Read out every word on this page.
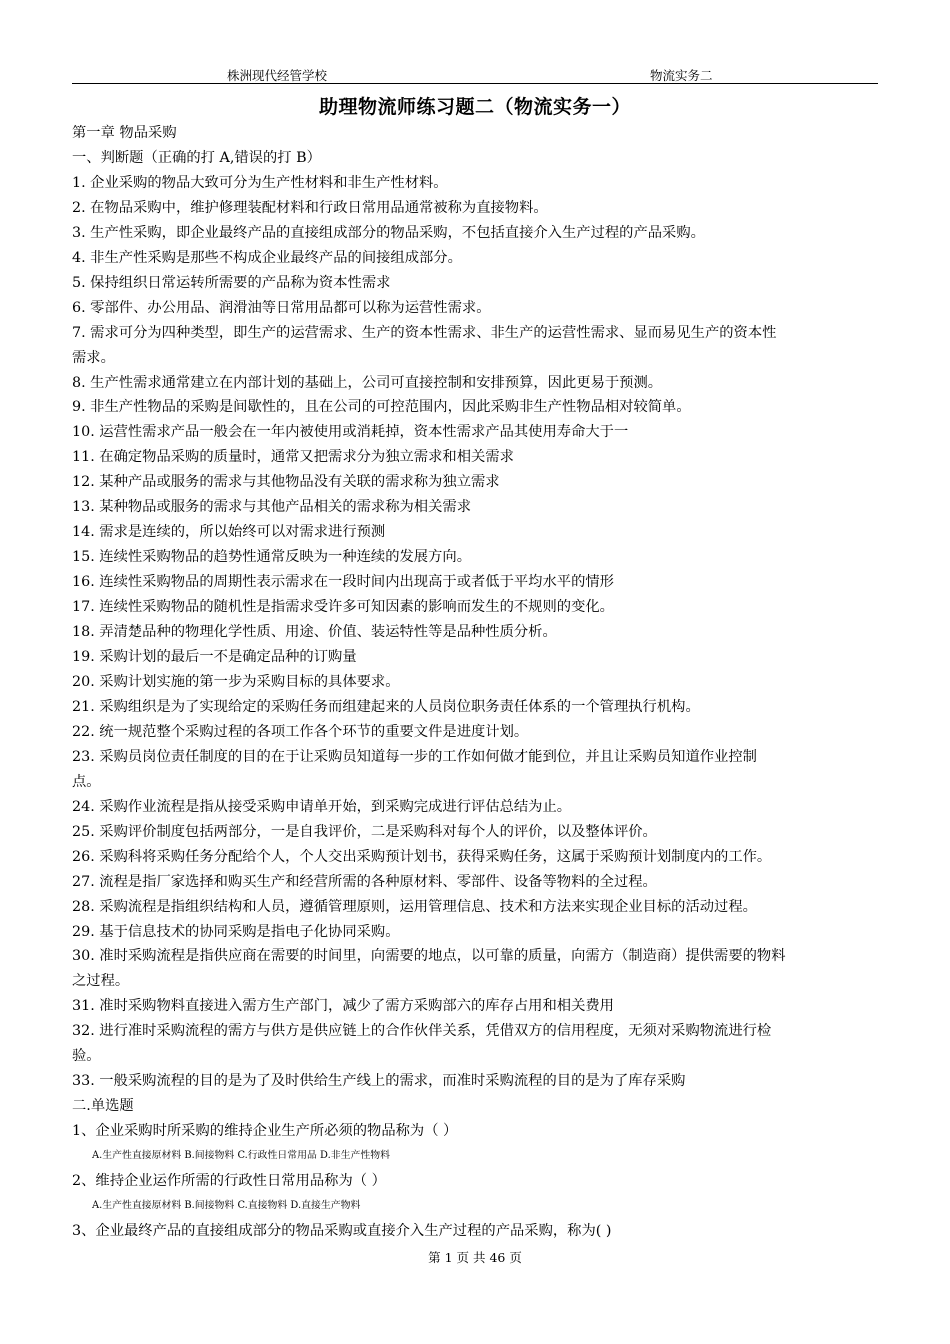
株洲现代经管学校	物流实务二
助理物流师练习题二（物流实务一）
第一章 物品采购
一、判断题（正确的打 A,错误的打 B）
1. 企业采购的物品大致可分为生产性材料和非生产性材料。
2. 在物品采购中，维护修理装配材料和行政日常用品通常被称为直接物料。
3. 生产性采购，即企业最终产品的直接组成部分的物品采购，不包括直接介入生产过程的产品采购。
4. 非生产性采购是那些不构成企业最终产品的间接组成部分。
5. 保持组织日常运转所需要的产品称为资本性需求
6. 零部件、办公用品、润滑油等日常用品都可以称为运营性需求。
7. 需求可分为四种类型，即生产的运营需求、生产的资本性需求、非生产的运营性需求、显而易见生产的资本性
需求。
8. 生产性需求通常建立在内部计划的基础上，公司可直接控制和安排预算，因此更易于预测。
9. 非生产性物品的采购是间歇性的，且在公司的可控范围内，因此采购非生产性物品相对较简单。
10. 运营性需求产品一般会在一年内被使用或消耗掉，资本性需求产品其使用寿命大于一
11. 在确定物品采购的质量时，通常又把需求分为独立需求和相关需求
12. 某种产品或服务的需求与其他物品没有关联的需求称为独立需求
13. 某种物品或服务的需求与其他产品相关的需求称为相关需求
14. 需求是连续的，所以始终可以对需求进行预测
15. 连续性采购物品的趋势性通常反映为一种连续的发展方向。
16. 连续性采购物品的周期性表示需求在一段时间内出现高于或者低于平均水平的情形
17. 连续性采购物品的随机性是指需求受许多可知因素的影响而发生的不规则的变化。
18. 弄清楚品种的物理化学性质、用途、价值、装运特性等是品种性质分析。
19. 采购计划的最后一不是确定品种的订购量
20. 采购计划实施的第一步为采购目标的具体要求。
21. 采购组织是为了实现给定的采购任务而组建起来的人员岗位职务责任体系的一个管理执行机构。
22. 统一规范整个采购过程的各项工作各个环节的重要文件是进度计划。
23. 采购员岗位责任制度的目的在于让采购员知道每一步的工作如何做才能到位，并且让采购员知道作业控制
点。
24. 采购作业流程是指从接受采购申请单开始，到采购完成进行评估总结为止。
25. 采购评价制度包括两部分，一是自我评价，二是采购科对每个人的评价，以及整体评价。
26. 采购科将采购任务分配给个人，个人交出采购预计划书，获得采购任务，这属于采购预计划制度内的工作。
27. 流程是指厂家选择和购买生产和经营所需的各种原材料、零部件、设备等物料的全过程。
28. 采购流程是指组织结构和人员，遵循管理原则，运用管理信息、技术和方法来实现企业目标的活动过程。
29. 基于信息技术的协同采购是指电子化协同采购。
30. 准时采购流程是指供应商在需要的时间里，向需要的地点，以可靠的质量，向需方（制造商）提供需要的物料
之过程。
31. 准时采购物料直接进入需方生产部门，减少了需方采购部六的库存占用和相关费用
32. 进行准时采购流程的需方与供方是供应链上的合作伙伴关系，凭借双方的信用程度，无须对采购物流进行检
验。
33. 一般采购流程的目的是为了及时供给生产线上的需求，而准时采购流程的目的是为了库存采购
二.单选题
1、企业采购时所采购的维持企业生产所必须的物品称为（ ）
A.生产性直接原材料 B.间接物料 C.行政性日常用品 D.非生产性物料
2、维持企业运作所需的行政性日常用品称为（ ）
A.生产性直接原材料 B.间接物料 C.直接物料 D.直接生产物料
3、企业最终产品的直接组成部分的物品采购或直接介入生产过程的产品采购，称为( )
第 1 页 共 46 页
